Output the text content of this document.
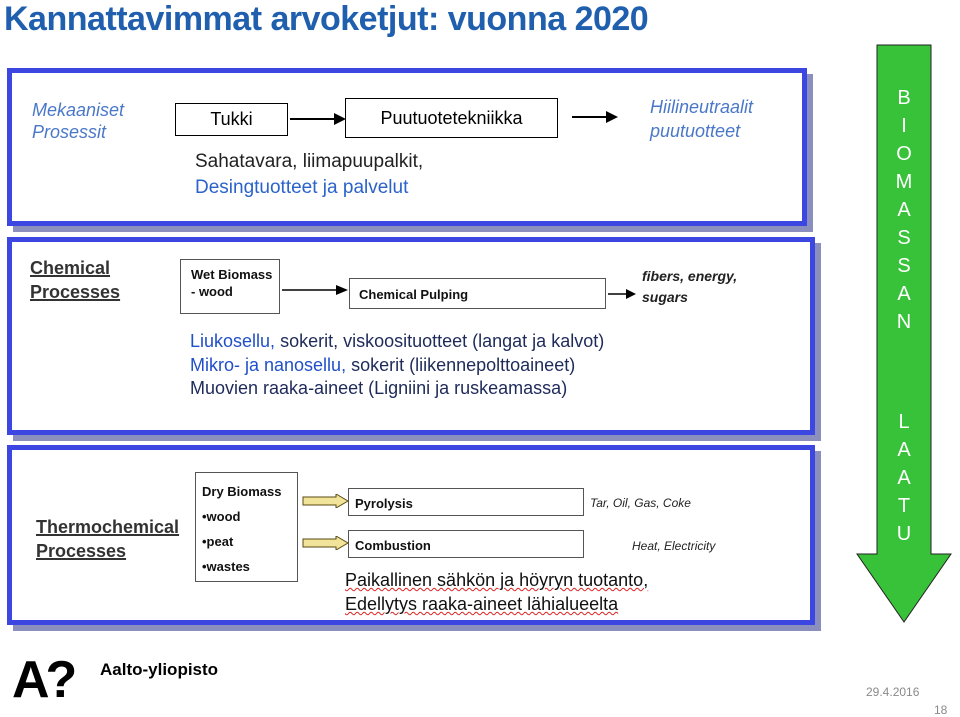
Kannattavimmat arvoketjut: vuonna 2020
Mekaaniset
Prosessit
Tukki	Puutuotetekniikka
Sahatavara, liimapuupalkit,
Desingtuotteet ja palvelut
Hiilineutraalit
puutuotteet
Chemical
Processes
Wet Biomass
- wood	Chemical Pulping
fibers, energy,
sugars
Liukosellu, sokerit, viskoosituotteet (langat ja kalvot)
Mikro- ja nanosellu, sokerit (liikennepolttoaineet)
Muovien raaka-aineet (Ligniini ja ruskeamassa)
Thermochemical
Processes
Dry Biomass
•wood
•peat
•wastes
Pyrolysis
Combustion
Tar, Oil, Gas, Coke
Heat, Electricity
Paikallinen sähkön ja höyryn tuotanto,
Edellytys raaka-aineet lähialueelta
B
I
O
M
A
S
S
A
N
L
A
A
T
U
A? Aalto-yliopisto
29.4.2016
18
